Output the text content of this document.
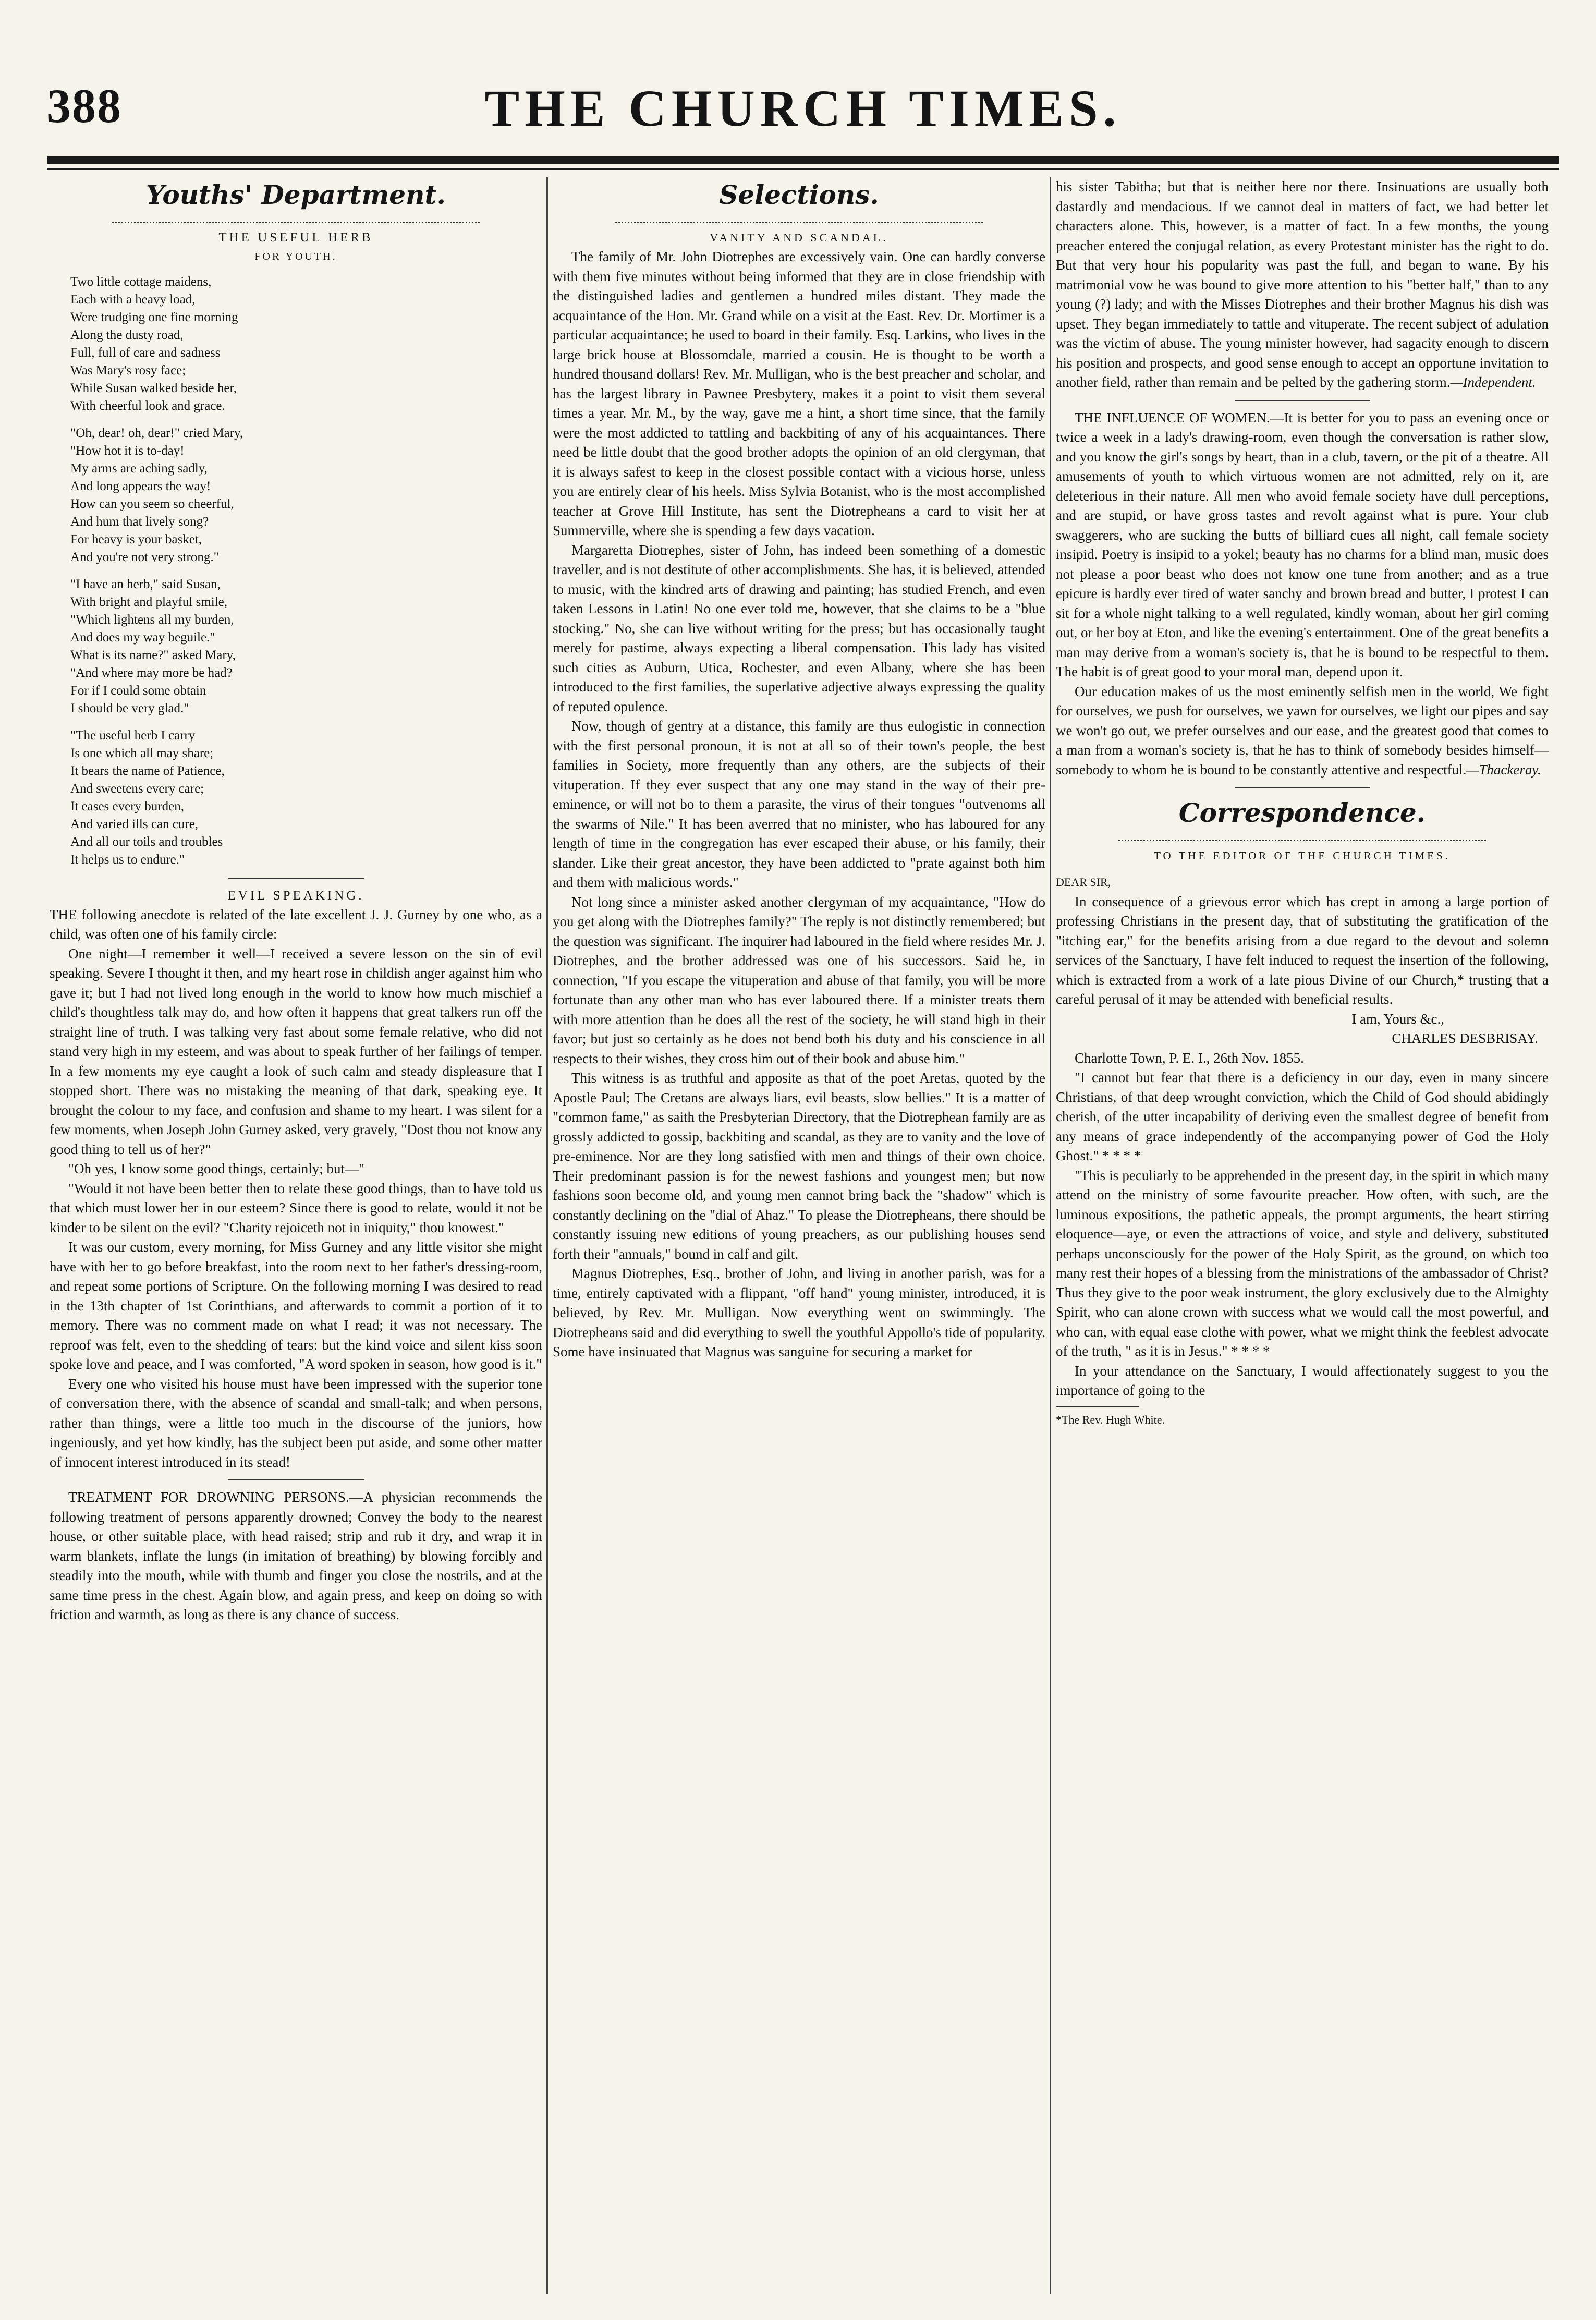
388	THE CHURCH TIMES.
Youths' Department.
THE USEFUL HERB
FOR YOUTH.

Two little cottage maidens,
Each with a heavy load,
Were trudging one fine morning
Along the dusty road,
Full, full of care and sadness
Was Mary's rosy face;
While Susan walked beside her,
With cheerful look and grace.

"Oh, dear! oh, dear!" cried Mary,
"How hot it is to-day!
My arms are aching sadly,
And long appears the way!
How can you seem so cheerful,
And hum that lively song?
For heavy is your basket,
And you're not very strong."

"I have an herb," said Susan,
With bright and playful smile,
"Which lightens all my burden,
And does my way beguile."
What is its name?" asked Mary,
"And where may more be had?
For if I could some obtain
I should be very glad."

"The useful herb I carry
Is one which all may share;
It bears the name of Patience,
And sweetens every care;
It eases every burden,
And varied ills can cure,
And all our toils and troubles
It helps us to endure."

EVIL SPEAKING.

THE following anecdote is related of the late excellent J. J. Gurney by one who, as a child, was often one of his family circle:

One night—I remember it well—I received a severe lesson on the sin of evil speaking. Severe I thought it then, and my heart rose in childish anger against him who gave it; but I had not lived long enough in the world to know how much mischief a child's thoughtless talk may do, and how often it happens that great talkers run off the straight line of truth. I was talking very fast about some female relative, who did not stand very high in my esteem, and was about to speak further of her failings of temper. In a few moments my eye caught a look of such calm and steady displeasure that I stopped short. There was no mistaking the meaning of that dark, speaking eye. It brought the colour to my face, and confusion and shame to my heart. I was silent for a few moments, when Joseph John Gurney asked, very gravely, "Dost thou not know any good thing to tell us of her?"

"Oh yes, I know some good things, certainly; but—"

"Would it not have been better then to relate these good things, than to have told us that which must lower her in our esteem? Since there is good to relate, would it not be kinder to be silent on the evil? "Charity rejoiceth not in iniquity," thou knowest."

It was our custom, every morning, for Miss Gurney and any little visitor she might have with her to go before breakfast, into the room next to her father's dressing-room, and repeat some portions of Scripture. On the following morning I was desired to read in the 13th chapter of 1st Corinthians, and afterwards to commit a portion of it to memory. There was no comment made on what I read; it was not necessary. The reproof was felt, even to the shedding of tears: but the kind voice and silent kiss soon spoke love and peace, and I was comforted, "A word spoken in season, how good is it."

Every one who visited his house must have been impressed with the superior tone of conversation there, with the absence of scandal and small-talk; and when persons, rather than things, were a little too much in the discourse of the juniors, how ingeniously, and yet how kindly, has the subject been put aside, and some other matter of innocent interest introduced in its stead!

TREATMENT FOR DROWNING PERSONS.—A physician recommends the following treatment of persons apparently drowned; Convey the body to the nearest house, or other suitable place, with head raised; strip and rub it dry, and wrap it in warm blankets, inflate the lungs (in imitation of breathing) by blowing forcibly and steadily into the mouth, while with thumb and finger you close the nostrils, and at the same time press in the chest. Again blow, and again press, and keep on doing so with friction and warmth, as long as there is any chance of success.

Selections.
VANITY AND SCANDAL.

The family of Mr. John Diotrephes are excessively vain. One can hardly converse with them five minutes without being informed that they are in close friendship with the distinguished ladies and gentlemen a hundred miles distant. They made the acquaintance of the Hon. Mr. Grand while on a visit at the East. Rev. Dr. Mortimer is a particular acquaintance; he used to board in their family. Esq. Larkins, who lives in the large brick house at Blossomdale, married a cousin. He is thought to be worth a hundred thousand dollars! Rev. Mr. Mulligan, who is the best preacher and scholar, and has the largest library in Pawnee Presbytery, makes it a point to visit them several times a year. Mr. M., by the way, gave me a hint, a short time since, that the family were the most addicted to tattling and backbiting of any of his acquaintances. There need be little doubt that the good brother adopts the opinion of an old clergyman, that it is always safest to keep in the closest possible contact with a vicious horse, unless you are entirely clear of his heels. Miss Sylvia Botanist, who is the most accomplished teacher at Grove Hill Institute, has sent the Diotrepheans a card to visit her at Summerville, where she is spending a few days vacation.

Margaretta Diotrephes, sister of John, has indeed been something of a domestic traveller, and is not destitute of other accomplishments. She has, it is believed, attended to music, with the kindred arts of drawing and painting; has studied French, and even taken Lessons in Latin! No one ever told me, however, that she claims to be a "blue stocking." No, she can live without writing for the press; but has occasionally taught merely for pastime, always expecting a liberal compensation. This lady has visited such cities as Auburn, Utica, Rochester, and even Albany, where she has been introduced to the first families, the superlative adjective always expressing the quality of reputed opulence.

Now, though of gentry at a distance, this family are thus eulogistic in connection with the first personal pronoun, it is not at all so of their town's people, the best families in Society, more frequently than any others, are the subjects of their vituperation. If they ever suspect that any one may stand in the way of their pre-eminence, or will not bo to them a parasite, the virus of their tongues "outvenoms all the swarms of Nile." It has been averred that no minister, who has laboured for any length of time in the congregation has ever escaped their abuse, or his family, their slander. Like their great ancestor, they have been addicted to "prate against both him and them with malicious words."

Not long since a minister asked another clergyman of my acquaintance, "How do you get along with the Diotrephes family?" The reply is not distinctly remembered; but the question was significant. The inquirer had laboured in the field where resides Mr. J. Diotrephes, and the brother addressed was one of his successors. Said he, in connection, "If you escape the vituperation and abuse of that family, you will be more fortunate than any other man who has ever laboured there. If a minister treats them with more attention than he does all the rest of the society, he will stand high in their favor; but just so certainly as he does not bend both his duty and his conscience in all respects to their wishes, they cross him out of their book and abuse him."

This witness is as truthful and apposite as that of the poet Aretas, quoted by the Apostle Paul; The Cretans are always liars, evil beasts, slow bellies." It is a matter of "common fame," as saith the Presbyterian Directory, that the Diotrephean family are as grossly addicted to gossip, backbiting and scandal, as they are to vanity and the love of pre-eminence. Nor are they long satisfied with men and things of their own choice. Their predominant passion is for the newest fashions and youngest men; but now fashions soon become old, and young men cannot bring back the "shadow" which is constantly declining on the "dial of Ahaz." To please the Diotrepheans, there should be constantly issuing new editions of young preachers, as our publishing houses send forth their "annuals," bound in calf and gilt.

Magnus Diotrephes, Esq., brother of John, and living in another parish, was for a time, entirely captivated with a flippant, "off hand" young minister, introduced, it is believed, by Rev. Mr. Mulligan. Now everything went on swimmingly. The Diotrepheans said and did everything to swell the youthful Appollo's tide of popularity. Some have insinuated that Magnus was sanguine for securing a market for

his sister Tabitha; but that is neither here nor there. Insinuations are usually both dastardly and mendacious. If we cannot deal in matters of fact, we had better let characters alone. This, however, is a matter of fact. In a few months, the young preacher entered the conjugal relation, as every Protestant minister has the right to do. But that very hour his popularity was past the full, and began to wane. By his matrimonial vow he was bound to give more attention to his "better half," than to any young (?) lady; and with the Misses Diotrephes and their brother Magnus his dish was upset. They began immediately to tattle and vituperate. The recent subject of adulation was the victim of abuse. The young minister however, had sagacity enough to discern his position and prospects, and good sense enough to accept an opportune invitation to another field, rather than remain and be pelted by the gathering storm.—Independent.

THE INFLUENCE OF WOMEN.—It is better for you to pass an evening once or twice a week in a lady's drawing-room, even though the conversation is rather slow, and you know the girl's songs by heart, than in a club, tavern, or the pit of a theatre. All amusements of youth to which virtuous women are not admitted, rely on it, are deleterious in their nature. All men who avoid female society have dull perceptions, and are stupid, or have gross tastes and revolt against what is pure. Your club swaggerers, who are sucking the butts of billiard cues all night, call female society insipid. Poetry is insipid to a yokel; beauty has no charms for a blind man, music does not please a poor beast who does not know one tune from another; and as a true epicure is hardly ever tired of water sanchy and brown bread and butter, I protest I can sit for a whole night talking to a well regulated, kindly woman, about her girl coming out, or her boy at Eton, and like the evening's entertainment. One of the great benefits a man may derive from a woman's society is, that he is bound to be respectful to them. The habit is of great good to your moral man, depend upon it.

Our education makes of us the most eminently selfish men in the world, We fight for ourselves, we push for ourselves, we yawn for ourselves, we light our pipes and say we won't go out, we prefer ourselves and our ease, and the greatest good that comes to a man from a woman's society is, that he has to think of somebody besides himself—somebody to whom he is bound to be constantly attentive and respectful.—Thackeray.

Correspondence.
TO THE EDITOR OF THE CHURCH TIMES.

DEAR SIR,

In consequence of a grievous error which has crept in among a large portion of professing Christians in the present day, that of substituting the gratification of the "itching ear," for the benefits arising from a due regard to the devout and solemn services of the Sanctuary, I have felt induced to request the insertion of the following, which is extracted from a work of a late pious Divine of our Church,* trusting that a careful perusal of it may be attended with beneficial results.

I am, Yours &c.,

CHARLES DESBRISAY.

Charlotte Town, P. E. I., 26th Nov. 1855.

"I cannot but fear that there is a deficiency in our day, even in many sincere Christians, of that deep wrought conviction, which the Child of God should abidingly cherish, of the utter incapability of deriving even the smallest degree of benefit from any means of grace independently of the accompanying power of God the Holy Ghost." * * * *

"This is peculiarly to be apprehended in the present day, in the spirit in which many attend on the ministry of some favourite preacher. How often, with such, are the luminous expositions, the pathetic appeals, the prompt arguments, the heart stirring eloquence—aye, or even the attractions of voice, and style and delivery, substituted perhaps unconsciously for the power of the Holy Spirit, as the ground, on which too many rest their hopes of a blessing from the ministrations of the ambassador of Christ? Thus they give to the poor weak instrument, the glory exclusively due to the Almighty Spirit, who can alone crown with success what we would call the most powerful, and who can, with equal ease clothe with power, what we might think the feeblest advocate of the truth, " as it is in Jesus." * * * *

In your attendance on the Sanctuary, I would affectionately suggest to you the importance of going to the

*The Rev. Hugh White.
